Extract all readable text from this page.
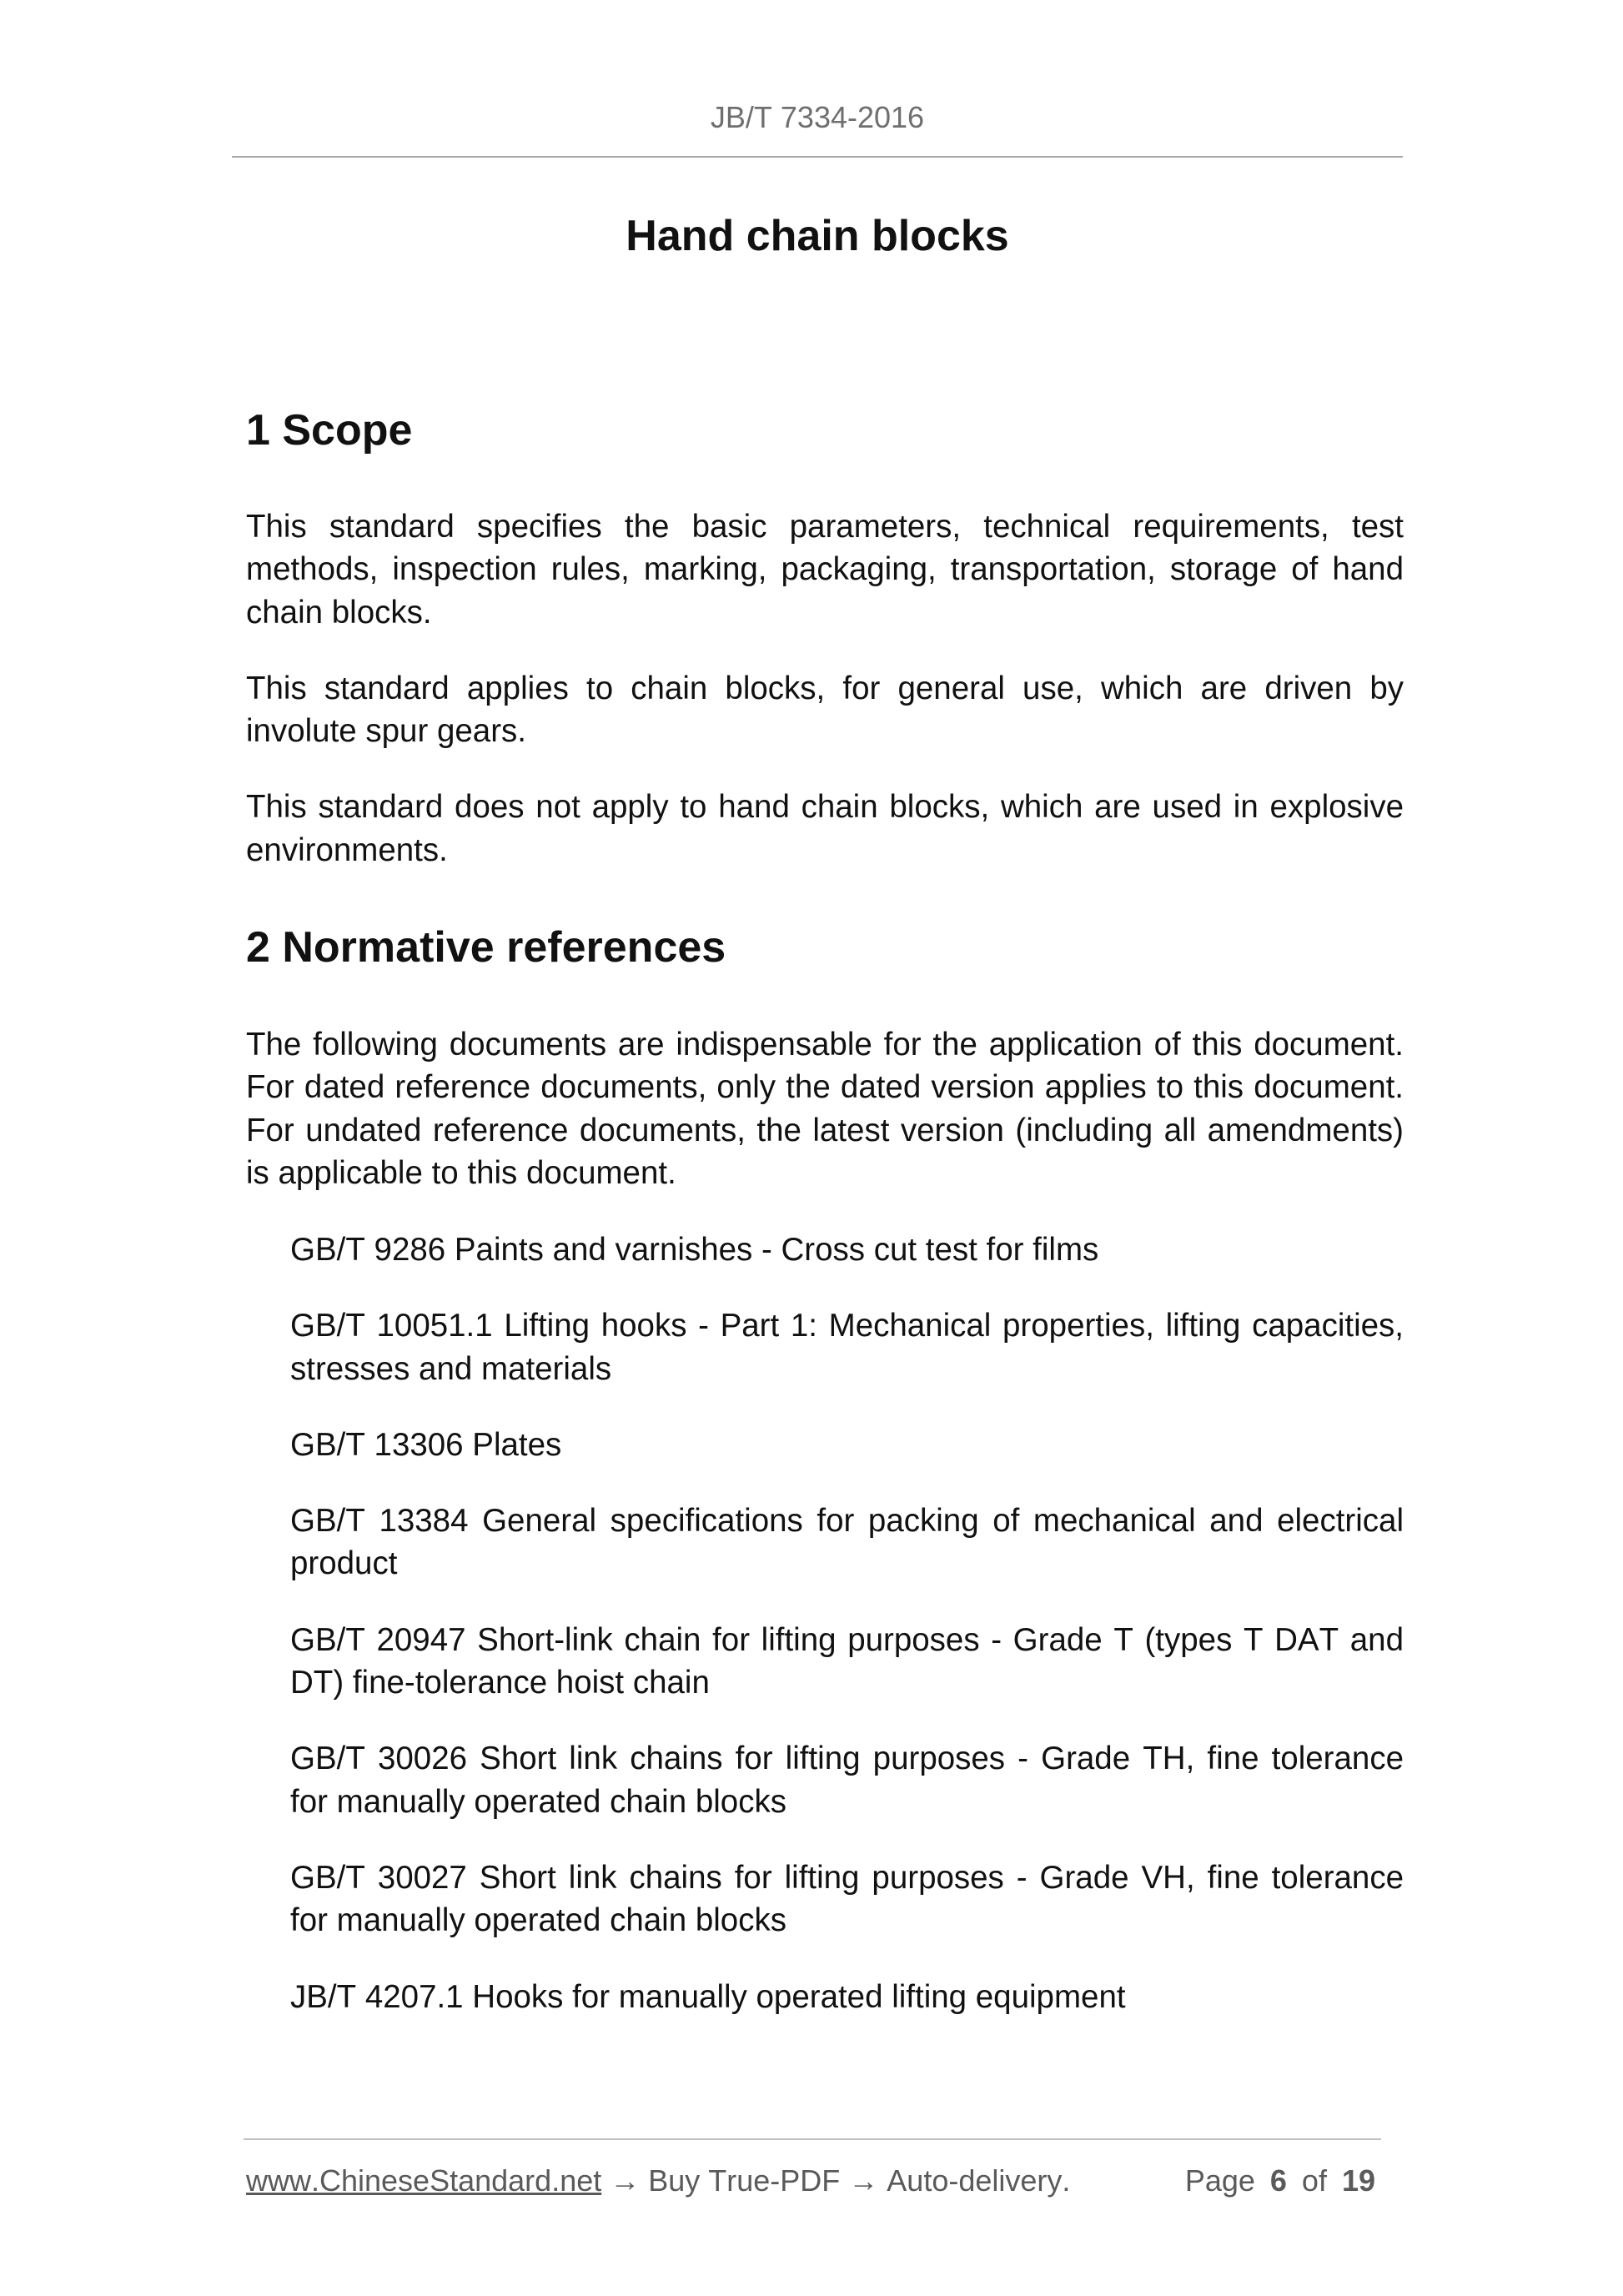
JB/T 7334-2016
Hand chain blocks
1 Scope

This standard specifies the basic parameters, technical requirements, test methods, inspection rules, marking, packaging, transportation, storage of hand chain blocks.

This standard applies to chain blocks, for general use, which are driven by involute spur gears.

This standard does not apply to hand chain blocks, which are used in explosive environments.

2 Normative references

The following documents are indispensable for the application of this document. For dated reference documents, only the dated version applies to this document. For undated reference documents, the latest version (including all amendments) is applicable to this document.

GB/T 9286 Paints and varnishes - Cross cut test for films
GB/T 10051.1 Lifting hooks - Part 1: Mechanical properties, lifting capacities, stresses and materials
GB/T 13306 Plates
GB/T 13384 General specifications for packing of mechanical and electrical product
GB/T 20947 Short-link chain for lifting purposes - Grade T (types T DAT and DT) fine-tolerance hoist chain
GB/T 30026 Short link chains for lifting purposes - Grade TH, fine tolerance for manually operated chain blocks
GB/T 30027 Short link chains for lifting purposes - Grade VH, fine tolerance for manually operated chain blocks
JB/T 4207.1 Hooks for manually operated lifting equipment
www.ChineseStandard.net → Buy True-PDF → Auto-delivery.	Page 6 of 19
